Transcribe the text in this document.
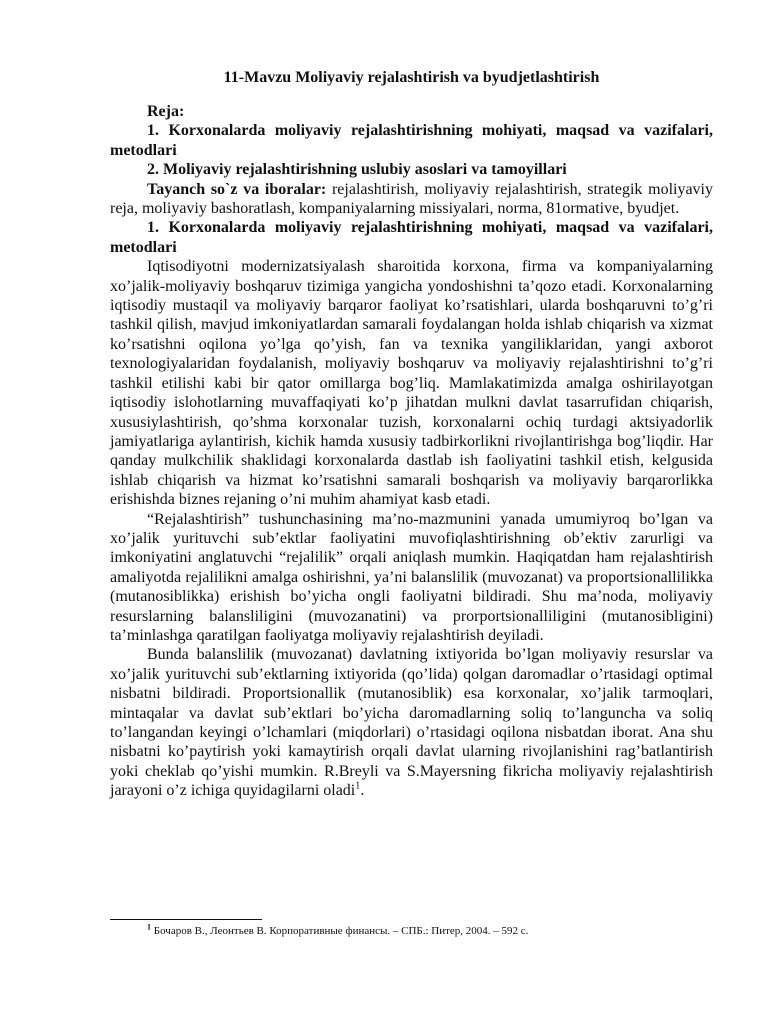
11-Mavzu Moliyaviy rejalashtirish va byudjetlashtirish

Reja:

1. Korxonalarda moliyaviy rejalashtirishning mohiyati, maqsad va vazifalari, metodlari

2. Moliyaviy rejalashtirishning uslubiy asoslari va tamoyillari

Tayanch so`z va iboralar: rejalashtirish, moliyaviy rejalashtirish, strategik moliyaviy reja, moliyaviy bashoratlash, kompaniyalarning missiyalari, norma, 81ormative, byudjet.

1. Korxonalarda moliyaviy rejalashtirishning mohiyati, maqsad va vazifalari, metodlari

Iqtisodiyotni modernizatsiyalash sharoitida korxona, firma va kompaniyalarning xo’jalik-moliyaviy boshqaruv tizimiga yangicha yondoshishni ta’qozo etadi. Korxonalarning iqtisodiy mustaqil va moliyaviy barqaror faoliyat ko’rsatishlari, ularda boshqaruvni to’g’ri tashkil qilish, mavjud imkoniyatlardan samarali foydalangan holda ishlab chiqarish va xizmat ko’rsatishni oqilona yo’lga qo’yish, fan va texnika yangiliklaridan, yangi axborot texnologiyalaridan foydalanish, moliyaviy boshqaruv va moliyaviy rejalashtirishni to’g’ri tashkil etilishi kabi bir qator omillarga bog’liq. Mamlakatimizda amalga oshirilayotgan iqtisodiy islohotlarning muvaffaqiyati ko’p jihatdan mulkni davlat tasarrufidan chiqarish, xususiylashtirish, qo’shma korxonalar tuzish, korxonalarni ochiq turdagi aktsiyadorlik jamiyatlariga aylantirish, kichik hamda xususiy tadbirkorlikni rivojlantirishga bog’liqdir. Har qanday mulkchilik shaklidagi korxonalarda dastlab ish faoliyatini tashkil etish, kelgusida ishlab chiqarish va hizmat ko’rsatishni samarali boshqarish va moliyaviy barqarorlikka erishishda biznes rejaning o’ni muhim ahamiyat kasb etadi.

“Rejalashtirish” tushunchasining ma’no-mazmunini yanada umumiyroq bo’lgan va xo’jalik yurituvchi sub’ektlar faoliyatini muvofiqlashtirishning ob’ektiv zarurligi va imkoniyatini anglatuvchi “rejalilik” orqali aniqlash mumkin. Haqiqatdan ham rejalashtirish amaliyotda rejalilikni amalga oshirishni, ya’ni balanslilik (muvozanat) va proportsionallilikka (mutanosiblikka) erishish bo’yicha ongli faoliyatni bildiradi. Shu ma’noda, moliyaviy resurslarning balansliligini (muvozanatini) va prorportsionalliligini (mutanosibligini) ta’minlashga qaratilgan faoliyatga moliyaviy rejalashtirish deyiladi.

Bunda balanslilik (muvozanat) davlatning ixtiyorida bo’lgan moliyaviy resurslar va xo’jalik yurituvchi sub’ektlarning ixtiyorida (qo’lida) qolgan daromadlar o’rtasidagi optimal nisbatni bildiradi. Proportsionallik (mutanosiblik) esa korxonalar, xo’jalik tarmoqlari, mintaqalar va davlat sub’ektlari bo’yicha daromadlarning soliq to’languncha va soliq to’langandan keyingi o’lchamlari (miqdorlari) o’rtasidagi oqilona nisbatdan iborat. Ana shu nisbatni ko’paytirish yoki kamaytirish orqali davlat ularning rivojlanishini rag’batlantirish yoki cheklab qo’yishi mumkin. R.Breyli va S.Mayersning fikricha moliyaviy rejalashtirish jarayoni o’z ichiga quyidagilarni oladi$^1$.

$^1$ Бочаров В., Леонтьев В. Корпоративные финансы. – СПБ.: Питер, 2004. – 592 с.
